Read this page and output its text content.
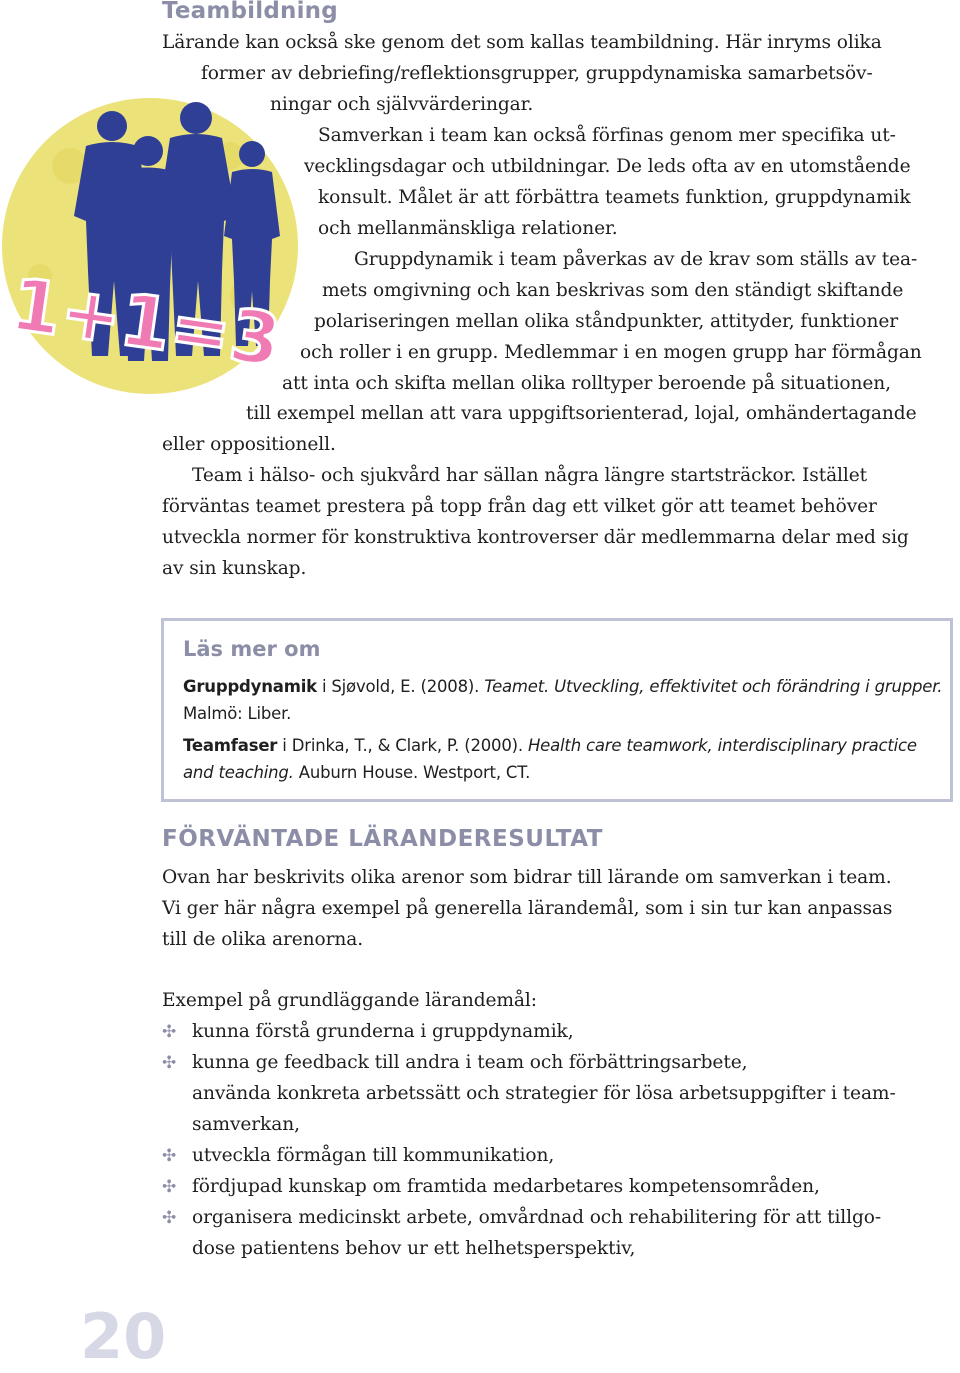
Teambildning
1+1=3

Lärande kan också ske genom det som kallas teambildning. Här inryms olika

former av debriefing/reflektionsgrupper, gruppdynamiska samarbetsöv-

ningar och självvärderingar.

Samverkan i team kan också förfinas genom mer specifika ut-

vecklingsdagar och utbildningar. De leds ofta av en utomstående

konsult. Målet är att förbättra teamets funktion, gruppdynamik

och mellanmänskliga relationer.

Gruppdynamik i team påverkas av de krav som ställs av tea-

mets omgivning och kan beskrivas som den ständigt skiftande

polariseringen mellan olika ståndpunkter, attityder, funktioner

och roller i en grupp. Medlemmar i en mogen grupp har förmågan

att inta och skifta mellan olika rolltyper beroende på situationen,

till exempel mellan att vara uppgiftsorienterad, lojal, omhändertagande

eller oppositionell.

Team i hälso- och sjukvård har sällan några längre startsträckor. Istället

förväntas teamet prestera på topp från dag ett vilket gör att teamet behöver

utveckla normer för konstruktiva kontroverser där medlemmarna delar med sig

av sin kunskap.

Läs mer om

Gruppdynamik i Sjøvold, E. (2008). Teamet. Utveckling, effektivitet och förändring i grupper. Malmö: Liber.

Teamfaser i Drinka, T., & Clark, P. (2000). Health care teamwork, interdisciplinary practice and teaching. Auburn House. Westport, CT.

FÖRVÄNTADE LÄRANDERESULTAT

Ovan har beskrivits olika arenor som bidrar till lärande om samverkan i team.

Vi ger här några exempel på generella lärandemål, som i sin tur kan anpassas

till de olika arenorna.

Exempel på grundläggande lärandemål:

✣ kunna förstå grunderna i gruppdynamik,

✣ kunna ge feedback till andra i team och förbättringsarbete,

använda konkreta arbetssätt och strategier för lösa arbetsuppgifter i team-

samverkan,

✣ utveckla förmågan till kommunikation,

✣ fördjupad kunskap om framtida medarbetares kompetensområden,

✣ organisera medicinskt arbete, omvårdnad och rehabilitering för att tillgo-

dose patientens behov ur ett helhetsperspektiv,

20
